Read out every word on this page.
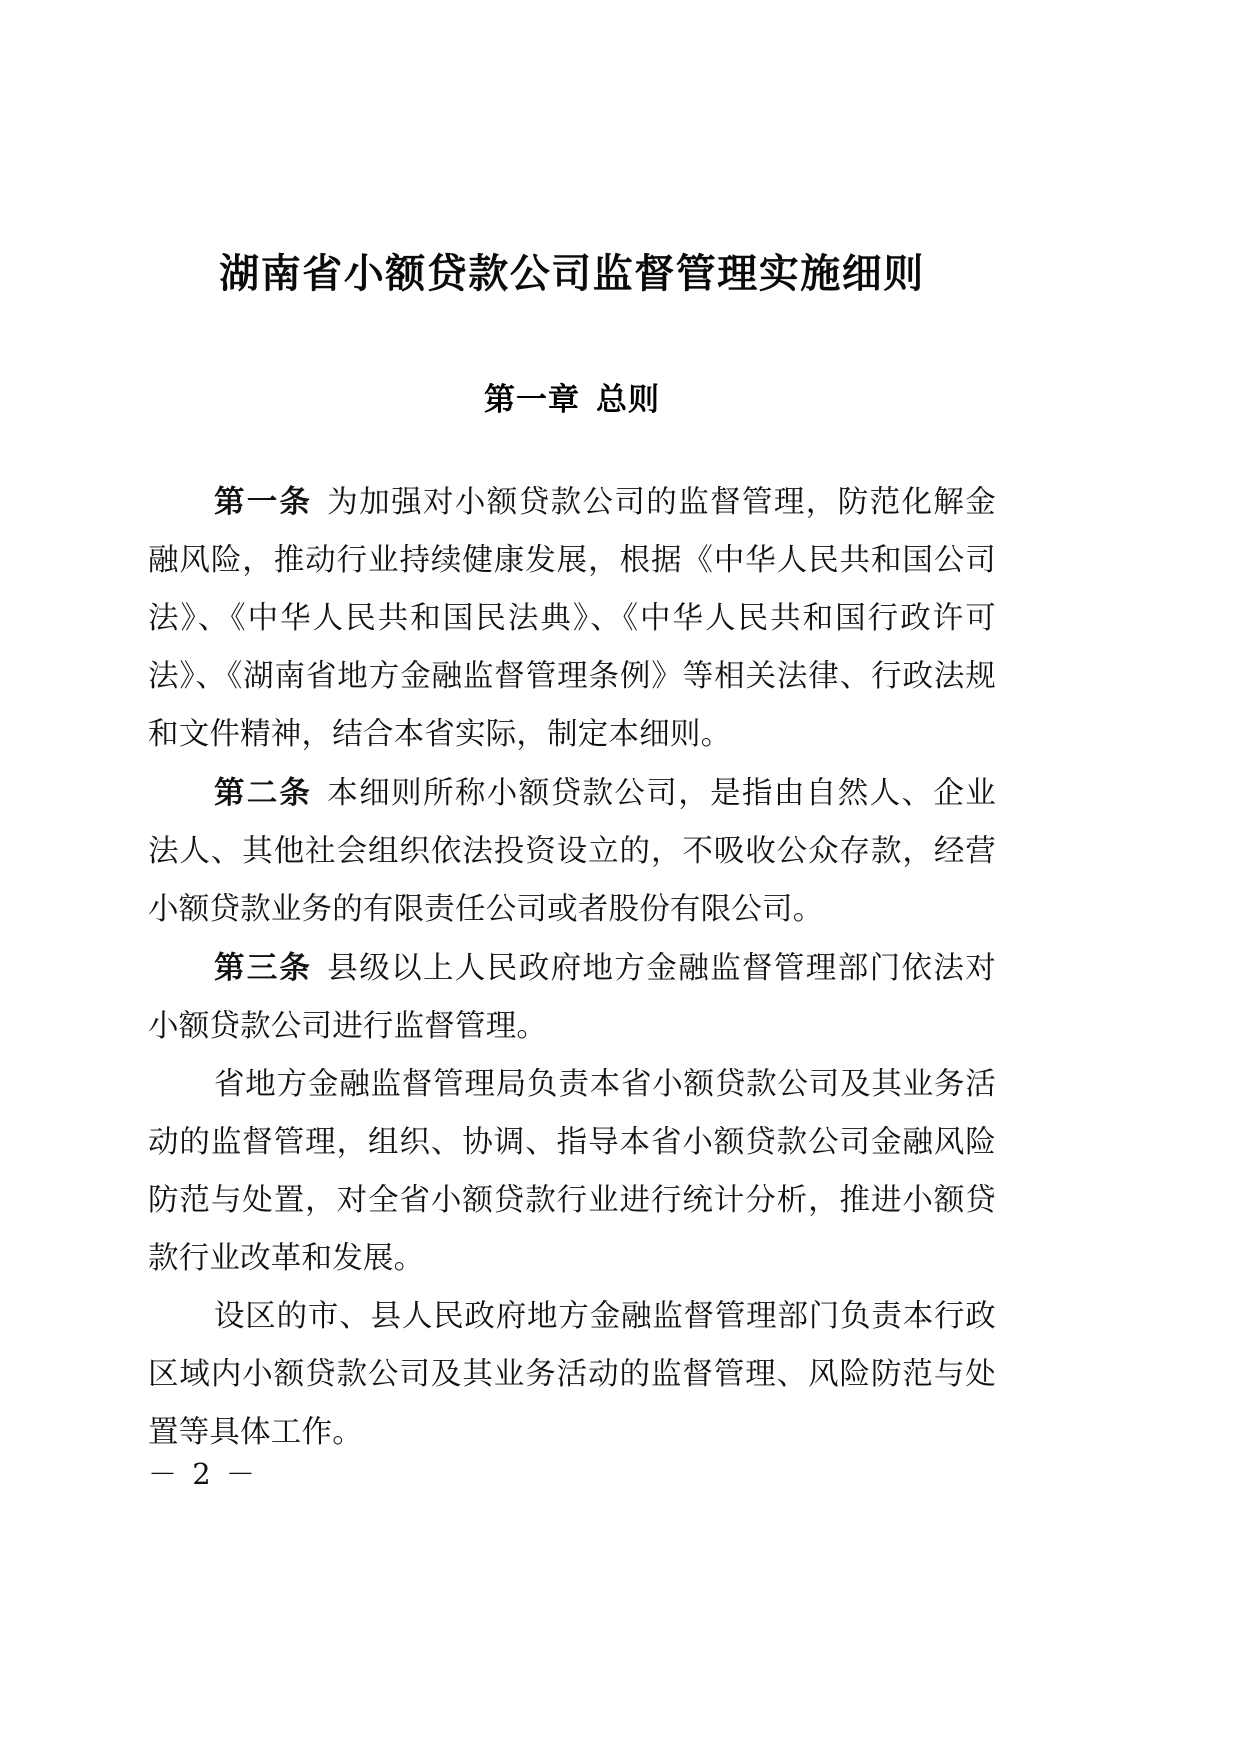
湖南省小额贷款公司监督管理实施细则
第一章 总则

第一条 为加强对小额贷款公司的监督管理，防范化解金融风险，推动行业持续健康发展，根据《中华人民共和国公司法》、《中华人民共和国民法典》、《中华人民共和国行政许可法》、《湖南省地方金融监督管理条例》等相关法律、行政法规和文件精神，结合本省实际，制定本细则。

第二条 本细则所称小额贷款公司，是指由自然人、企业法人、其他社会组织依法投资设立的，不吸收公众存款，经营小额贷款业务的有限责任公司或者股份有限公司。

第三条 县级以上人民政府地方金融监督管理部门依法对小额贷款公司进行监督管理。

省地方金融监督管理局负责本省小额贷款公司及其业务活动的监督管理，组织、协调、指导本省小额贷款公司金融风险防范与处置，对全省小额贷款行业进行统计分析，推进小额贷款行业改革和发展。

设区的市、县人民政府地方金融监督管理部门负责本行政区域内小额贷款公司及其业务活动的监督管理、风险防范与处置等具体工作。

－ 2 －
